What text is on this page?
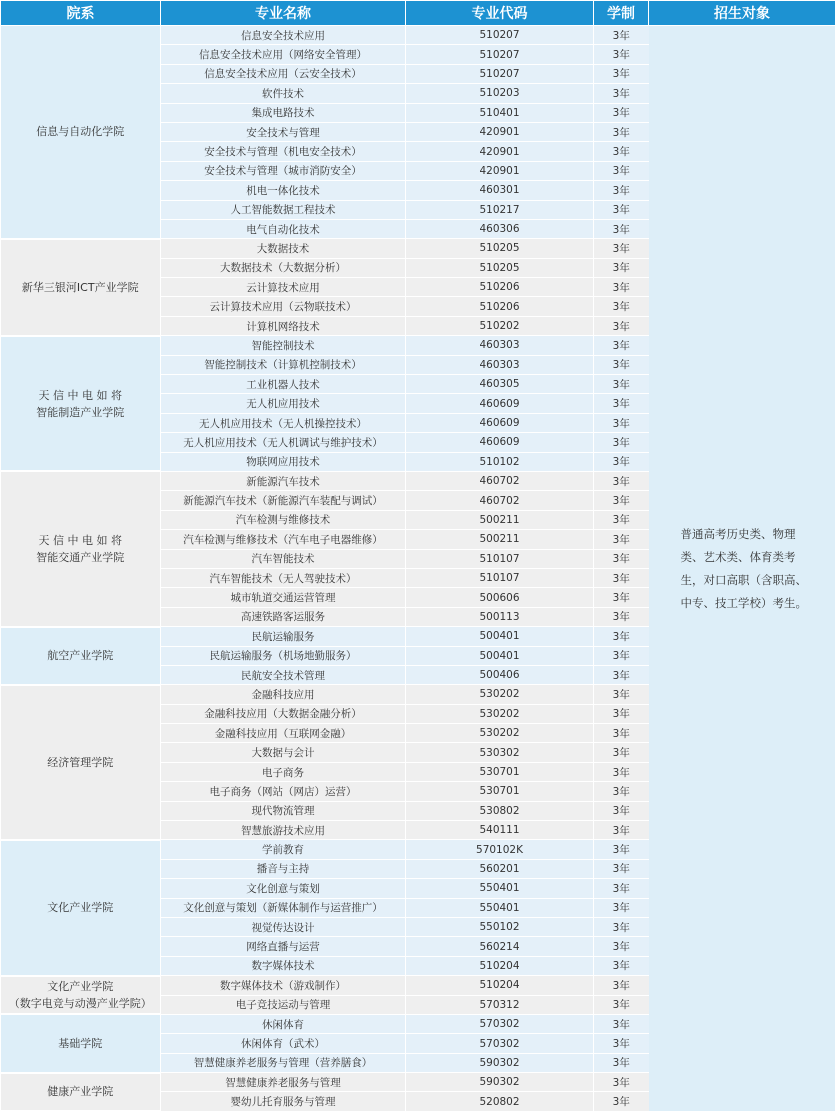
院系	专业名称	专业代码	学制	招生对象

信息与自动化学院	信息安全技术应用	510207	3年	普通高考历史类、物理类、艺术类、体育类考生，对口高职（含职高、中专、技工学校）考生。
	信息安全技术应用（网络安全管理）	510207	3年	
	信息安全技术应用（云安全技术）	510207	3年	
	软件技术	510203	3年	
	集成电路技术	510401	3年	
	安全技术与管理	420901	3年	
	安全技术与管理（机电安全技术）	420901	3年	
	安全技术与管理（城市消防安全）	420901	3年	
	机电一体化技术	460301	3年	
	人工智能数据工程技术	510217	3年	
	电气自动化技术	460306	3年	

新华三银河ICT产业学院	大数据技术	510205	3年	
	大数据技术（大数据分析）	510205	3年	
	云计算技术应用	510206	3年	
	云计算技术应用（云物联技术）	510206	3年	
	计算机网络技术	510202	3年	

天 信 中 电 如 将
智能制造产业学院	智能控制技术	460303	3年	
	智能控制技术（计算机控制技术）	460303	3年	
	工业机器人技术	460305	3年	
	无人机应用技术	460609	3年	
	无人机应用技术（无人机操控技术）	460609	3年	
	无人机应用技术（无人机调试与维护技术）	460609	3年	
	物联网应用技术	510102	3年	

天 信 中 电 如 将
智能交通产业学院	新能源汽车技术	460702	3年	
	新能源汽车技术（新能源汽车装配与调试）	460702	3年	
	汽车检测与维修技术	500211	3年	
	汽车检测与维修技术（汽车电子电器维修）	500211	3年	
	汽车智能技术	510107	3年	
	汽车智能技术（无人驾驶技术）	510107	3年	
	城市轨道交通运营管理	500606	3年	
	高速铁路客运服务	500113	3年	

航空产业学院	民航运输服务	500401	3年	
	民航运输服务（机场地勤服务）	500401	3年	
	民航安全技术管理	500406	3年	

经济管理学院	金融科技应用	530202	3年	
	金融科技应用（大数据金融分析）	530202	3年	
	金融科技应用（互联网金融）	530202	3年	
	大数据与会计	530302	3年	
	电子商务	530701	3年	
	电子商务（网站（网店）运营）	530701	3年	
	现代物流管理	530802	3年	
	智慧旅游技术应用	540111	3年	

文化产业学院	学前教育	570102K	3年	
	播音与主持	560201	3年	
	文化创意与策划	550401	3年	
	文化创意与策划（新媒体制作与运营推广）	550401	3年	
	视觉传达设计	550102	3年	
	网络直播与运营	560214	3年	
	数字媒体技术	510204	3年	

文化产业学院
（数字电竞与动漫产业学院）	数字媒体技术（游戏制作）	510204	3年	
	电子竞技运动与管理	570312	3年	

基础学院	休闲体育	570302	3年	
	休闲体育（武术）	570302	3年	
	智慧健康养老服务与管理（营养膳食）	590302	3年	

健康产业学院	智慧健康养老服务与管理	590302	3年	
	婴幼儿托育服务与管理	520802	3年	
